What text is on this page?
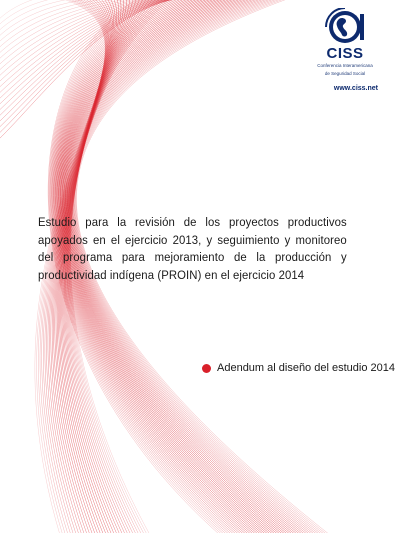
CISS
Conferencia Interamericana
de Seguridad Social
www.ciss.net

Estudio para la revisión de los proyectos productivos apoyados en el ejercicio 2013, y seguimiento y monitoreo del programa para mejoramiento de la producción y productividad indígena (PROIN) en el ejercicio 2014

Adendum al diseño del estudio 2014
